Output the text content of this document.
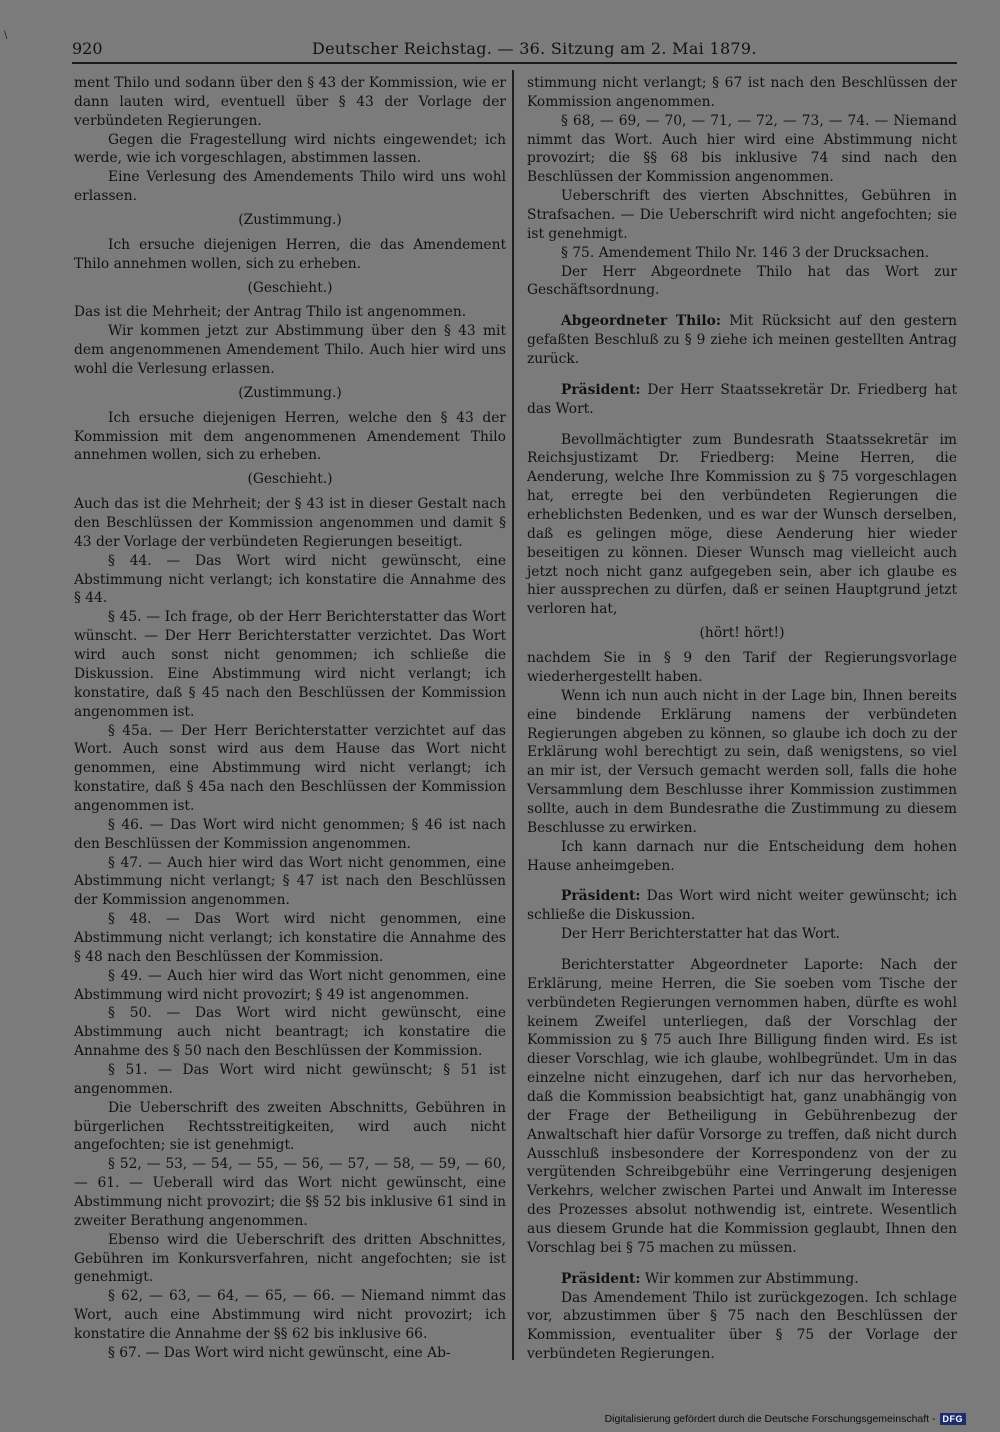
\
920	Deutscher Reichstag. — 36. Sitzung am 2. Mai 1879.

ment Thilo und sodann über den § 43 der Kommission, wie er dann lauten wird, eventuell über § 43 der Vorlage der verbündeten Regierungen.

Gegen die Fragestellung wird nichts eingewendet; ich werde, wie ich vorgeschlagen, abstimmen lassen.

Eine Verlesung des Amendements Thilo wird uns wohl erlassen.

(Zustimmung.)

Ich ersuche diejenigen Herren, die das Amendement Thilo annehmen wollen, sich zu erheben.

(Geschieht.)

Das ist die Mehrheit; der Antrag Thilo ist angenommen.

Wir kommen jetzt zur Abstimmung über den § 43 mit dem angenommenen Amendement Thilo. Auch hier wird uns wohl die Verlesung erlassen.

(Zustimmung.)

Ich ersuche diejenigen Herren, welche den § 43 der Kommission mit dem angenommenen Amendement Thilo annehmen wollen, sich zu erheben.

(Geschieht.)

Auch das ist die Mehrheit; der § 43 ist in dieser Gestalt nach den Beschlüssen der Kommission angenommen und damit § 43 der Vorlage der verbündeten Regierungen beseitigt.

§ 44. — Das Wort wird nicht gewünscht, eine Abstimmung nicht verlangt; ich konstatire die Annahme des § 44.

§ 45. — Ich frage, ob der Herr Berichterstatter das Wort wünscht. — Der Herr Berichterstatter verzichtet. Das Wort wird auch sonst nicht genommen; ich schließe die Diskussion. Eine Abstimmung wird nicht verlangt; ich konstatire, daß § 45 nach den Beschlüssen der Kommission angenommen ist.

§ 45a. — Der Herr Berichterstatter verzichtet auf das Wort. Auch sonst wird aus dem Hause das Wort nicht genommen, eine Abstimmung wird nicht verlangt; ich konstatire, daß § 45a nach den Beschlüssen der Kommission angenommen ist.

§ 46. — Das Wort wird nicht genommen; § 46 ist nach den Beschlüssen der Kommission angenommen.

§ 47. — Auch hier wird das Wort nicht genommen, eine Abstimmung nicht verlangt; § 47 ist nach den Beschlüssen der Kommission angenommen.

§ 48. — Das Wort wird nicht genommen, eine Abstimmung nicht verlangt; ich konstatire die Annahme des § 48 nach den Beschlüssen der Kommission.

§ 49. — Auch hier wird das Wort nicht genommen, eine Abstimmung wird nicht provozirt; § 49 ist angenommen.

§ 50. — Das Wort wird nicht gewünscht, eine Abstimmung auch nicht beantragt; ich konstatire die Annahme des § 50 nach den Beschlüssen der Kommission.

§ 51. — Das Wort wird nicht gewünscht; § 51 ist angenommen.

Die Ueberschrift des zweiten Abschnitts, Gebühren in bürgerlichen Rechtsstreitigkeiten, wird auch nicht angefochten; sie ist genehmigt.

§ 52, — 53, — 54, — 55, — 56, — 57, — 58, — 59, — 60, — 61. — Ueberall wird das Wort nicht gewünscht, eine Abstimmung nicht provozirt; die §§ 52 bis inklusive 61 sind in zweiter Berathung angenommen.

Ebenso wird die Ueberschrift des dritten Abschnittes, Gebühren im Konkursverfahren, nicht angefochten; sie ist genehmigt.

§ 62, — 63, — 64, — 65, — 66. — Niemand nimmt das Wort, auch eine Abstimmung wird nicht provozirt; ich konstatire die Annahme der §§ 62 bis inklusive 66.

§ 67. — Das Wort wird nicht gewünscht, eine Ab-

stimmung nicht verlangt; § 67 ist nach den Beschlüssen der Kommission angenommen.

§ 68, — 69, — 70, — 71, — 72, — 73, — 74. — Niemand nimmt das Wort. Auch hier wird eine Abstimmung nicht provozirt; die §§ 68 bis inklusive 74 sind nach den Beschlüssen der Kommission angenommen.

Ueberschrift des vierten Abschnittes, Gebühren in Strafsachen. — Die Ueberschrift wird nicht angefochten; sie ist genehmigt.

§ 75. Amendement Thilo Nr. 146 3 der Drucksachen.

Der Herr Abgeordnete Thilo hat das Wort zur Geschäftsordnung.

Abgeordneter Thilo: Mit Rücksicht auf den gestern gefaßten Beschluß zu § 9 ziehe ich meinen gestellten Antrag zurück.

Präsident: Der Herr Staatssekretär Dr. Friedberg hat das Wort.

Bevollmächtigter zum Bundesrath Staatssekretär im Reichsjustizamt Dr. Friedberg: Meine Herren, die Aenderung, welche Ihre Kommission zu § 75 vorgeschlagen hat, erregte bei den verbündeten Regierungen die erheblichsten Bedenken, und es war der Wunsch derselben, daß es gelingen möge, diese Aenderung hier wieder beseitigen zu können. Dieser Wunsch mag vielleicht auch jetzt noch nicht ganz aufgegeben sein, aber ich glaube es hier aussprechen zu dürfen, daß er seinen Hauptgrund jetzt verloren hat,

(hört! hört!)

nachdem Sie in § 9 den Tarif der Regierungsvorlage wiederhergestellt haben.

Wenn ich nun auch nicht in der Lage bin, Ihnen bereits eine bindende Erklärung namens der verbündeten Regierungen abgeben zu können, so glaube ich doch zu der Erklärung wohl berechtigt zu sein, daß wenigstens, so viel an mir ist, der Versuch gemacht werden soll, falls die hohe Versammlung dem Beschlusse ihrer Kommission zustimmen sollte, auch in dem Bundesrathe die Zustimmung zu diesem Beschlusse zu erwirken.

Ich kann darnach nur die Entscheidung dem hohen Hause anheimgeben.

Präsident: Das Wort wird nicht weiter gewünscht; ich schließe die Diskussion.

Der Herr Berichterstatter hat das Wort.

Berichterstatter Abgeordneter Laporte: Nach der Erklärung, meine Herren, die Sie soeben vom Tische der verbündeten Regierungen vernommen haben, dürfte es wohl keinem Zweifel unterliegen, daß der Vorschlag der Kommission zu § 75 auch Ihre Billigung finden wird. Es ist dieser Vorschlag, wie ich glaube, wohlbegründet. Um in das einzelne nicht einzugehen, darf ich nur das hervorheben, daß die Kommission beabsichtigt hat, ganz unabhängig von der Frage der Betheiligung in Gebührenbezug der Anwaltschaft hier dafür Vorsorge zu treffen, daß nicht durch Ausschluß insbesondere der Korrespondenz von der zu vergütenden Schreibgebühr eine Verringerung desjenigen Verkehrs, welcher zwischen Partei und Anwalt im Interesse des Prozesses absolut nothwendig ist, eintrete. Wesentlich aus diesem Grunde hat die Kommission geglaubt, Ihnen den Vorschlag bei § 75 machen zu müssen.

Präsident: Wir kommen zur Abstimmung.

Das Amendement Thilo ist zurückgezogen. Ich schlage vor, abzustimmen über § 75 nach den Beschlüssen der Kommission, eventualiter über § 75 der Vorlage der verbündeten Regierungen.

Digitalisierung gefördert durch die Deutsche Forschungsgemeinschaft - DFG
